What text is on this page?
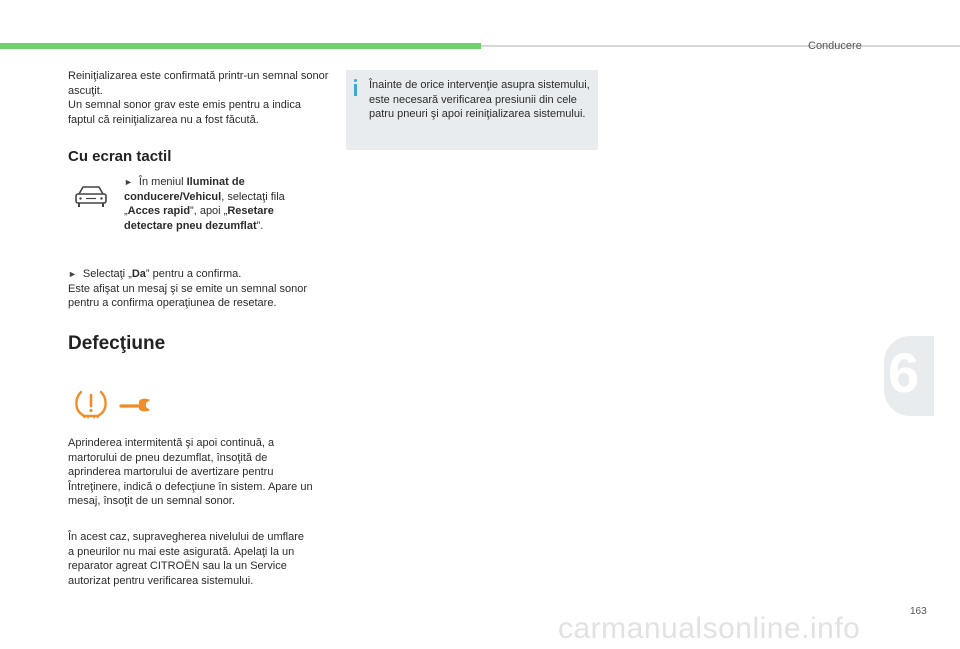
Conducere
6

Reiniţializarea este confirmată printr-un semnal sonor ascuţit.
Un semnal sonor grav este emis pentru a indica faptul că reiniţializarea nu a fost făcută.

Înainte de orice intervenţie asupra sistemului, este necesară verificarea presiunii din cele patru pneuri şi apoi reiniţializarea sistemului.

Cu ecran tactil
► În meniul Iluminat de conducere/Vehicul, selectaţi fila „Acces rapid”, apoi „Resetare detectare pneu dezumflat”.
► Selectaţi „Da” pentru a confirma.
Este afişat un mesaj şi se emite un semnal sonor pentru a confirma operaţiunea de resetare.
Defecţiune

Aprinderea intermitentă şi apoi continuă, a martorului de pneu dezumflat, însoţită de aprinderea martorului de avertizare pentru Întreţinere, indică o defecţiune în sistem. Apare un mesaj, însoţit de un semnal sonor.

În acest caz, supravegherea nivelului de umflare a pneurilor nu mai este asigurată. Apelaţi la un reparator agreat CITROËN sau la un Service autorizat pentru verificarea sistemului.

163
carmanualsonline.info
